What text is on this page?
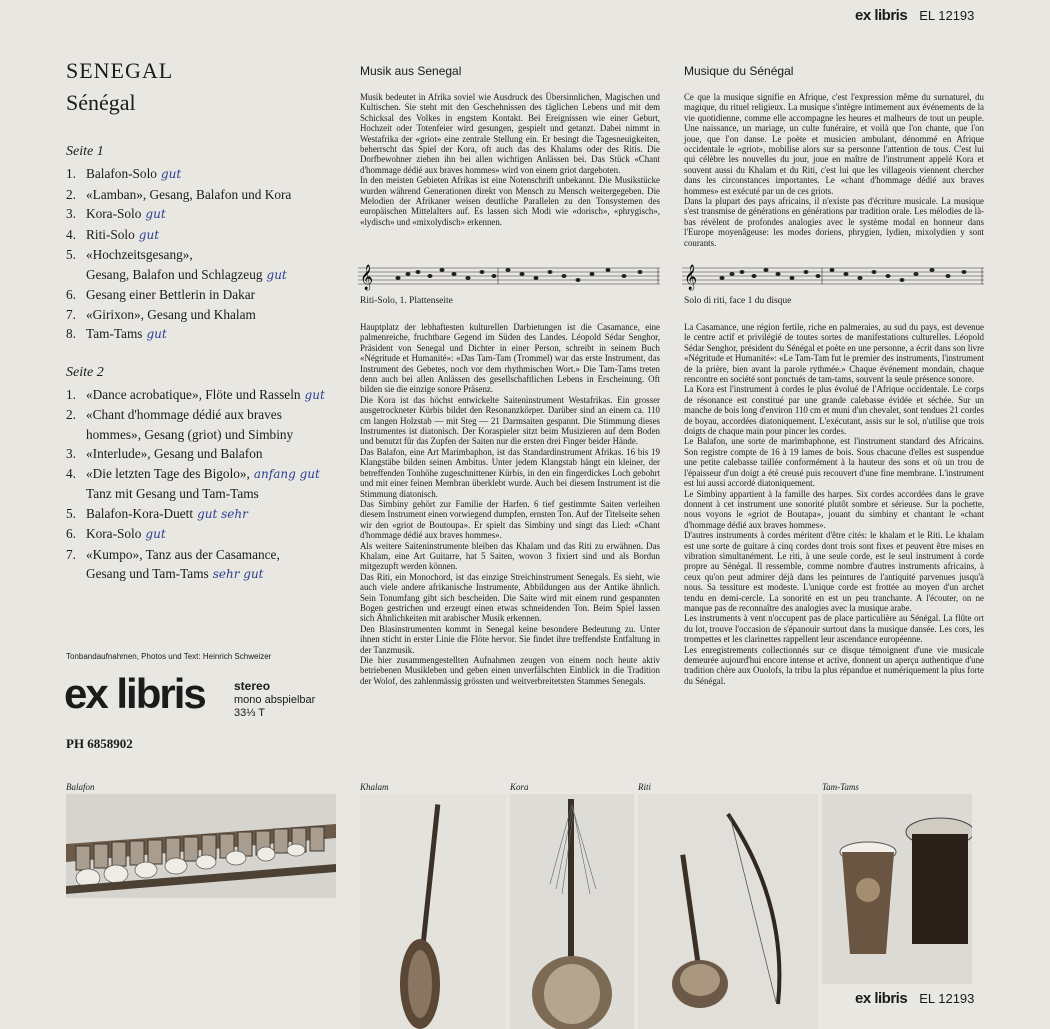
ex libris EL 12193
SENEGAL
Sénégal
Seite 1
1. Balafon-Solo gut
2. «Lamban», Gesang, Balafon und Kora
3. Kora-Solo gut
4. Riti-Solo gut
5. «Hochzeitsgesang»,
Gesang, Balafon und Schlagzeug gut
6. Gesang einer Bettlerin in Dakar
7. «Girixon», Gesang und Khalam
8. Tam-Tams gut
Seite 2
1. «Dance acrobatique», Flöte und Rasseln gut
2. «Chant d'hommage dédié aux braves
hommes», Gesang (griot) und Simbiny
3. «Interlude», Gesang und Balafon
4. «Die letzten Tage des Bigolo», anfang gut
Tanz mit Gesang und Tam-Tams
5. Balafon-Kora-Duett gut sehr
6. Kora-Solo gut
7. «Kumpo», Tanz aus der Casamance,
Gesang und Tam-Tams sehr gut
Tonbandaufnahmen, Photos und Text: Heinrich Schweizer
ex libris stereo
mono abspielbar
33⅓ T
PH 6858902
Musik aus Senegal

Musik bedeutet in Afrika soviel wie Ausdruck des Übersinnlichen, Magischen und Kultischen. Sie steht mit den Geschehnissen des täglichen Lebens und mit dem Schicksal des Volkes in engstem Kontakt. Bei Ereignissen wie einer Geburt, Hochzeit oder Totenfeier wird gesungen, gespielt und getanzt. Dabei nimmt in Westafrika der «griot» eine zentrale Stellung ein. Er besingt die Tagesneuigkeiten, beherrscht das Spiel der Kora, oft auch das des Khalams oder des Ritis. Die Dorfbewohner ziehen ihn bei allen wichtigen Anlässen bei. Das Stück «Chant d'hommage dédié aux braves hommes» wird von einem griot dargeboten.

In den meisten Gebieten Afrikas ist eine Notenschrift unbekannt. Die Musikstücke wurden während Generationen direkt von Mensch zu Mensch weitergegeben. Die Melodien der Afrikaner weisen deutliche Parallelen zu den Tonsystemen des europäischen Mittelalters auf. Es lassen sich Modi wie «dorisch», «phrygisch», «lydisch» und «mixolydisch» erkennen.

𝄞
Riti-Solo, 1. Plattenseite

Hauptplatz der lebhaftesten kulturellen Darbietungen ist die Casamance, eine palmenreiche, fruchtbare Gegend im Süden des Landes. Léopold Sédar Senghor, Präsident von Senegal und Dichter in einer Person, schreibt in seinem Buch «Négritude et Humanité»: «Das Tam-Tam (Trommel) war das erste Instrument, das Instrument des Gebetes, noch vor dem rhythmischen Wort.» Die Tam-Tams treten denn auch bei allen Anlässen des gesellschaftlichen Lebens in Erscheinung. Oft bilden sie die einzige sonore Präsenz.

Die Kora ist das höchst entwickelte Saiteninstrument Westafrikas. Ein grosser ausgetrockneter Kürbis bildet den Resonanzkörper. Darüber sind an einem ca. 110 cm langen Holzstab — mit Steg — 21 Darmsaiten gespannt. Die Stimmung dieses Instrumentes ist diatonisch. Der Koraspieler sitzt beim Musizieren auf dem Boden und benutzt für das Zupfen der Saiten nur die ersten drei Finger beider Hände.

Das Balafon, eine Art Marimbaphon, ist das Standardinstrument Afrikas. 16 bis 19 Klangstäbe bilden seinen Ambitus. Unter jedem Klangstab hängt ein kleiner, der betreffenden Tonhöhe zugeschnittener Kürbis, in den ein fingerdickes Loch gebohrt und mit einer feinen Membran überklebt wurde. Auch bei diesem Instrument ist die Stimmung diatonisch.

Das Simbiny gehört zur Familie der Harfen. 6 tief gestimmte Saiten verleihen diesem Instrument einen vorwiegend dumpfen, ernsten Ton. Auf der Titelseite sehen wir den «griot de Boutoupa». Er spielt das Simbiny und singt das Lied: «Chant d'hommage dédié aux braves hommes».

Als weitere Saiteninstrumente bleiben das Khalam und das Riti zu erwähnen. Das Khalam, eine Art Guitarre, hat 5 Saiten, wovon 3 fixiert sind und als Bordun mitgezupft werden können.

Das Riti, ein Monochord, ist das einzige Streichinstrument Senegals. Es sieht, wie auch viele andere afrikanische Instrumente, Abbildungen aus der Antike ähnlich. Sein Tonumfang gibt sich bescheiden. Die Saite wird mit einem rund gespannten Bogen gestrichen und erzeugt einen etwas schneidenden Ton. Beim Spiel lassen sich Ähnlichkeiten mit arabischer Musik erkennen.

Den Blasinstrumenten kommt in Senegal keine besondere Bedeutung zu. Unter ihnen sticht in erster Linie die Flöte hervor. Sie findet ihre treffendste Entfaltung in der Tanzmusik.

Die hier zusammengestellten Aufnahmen zeugen von einem noch heute aktiv betriebenen Musikleben und geben einen unverfälschten Einblick in die Tradition der Wolof, des zahlenmässig grössten und weitverbreitetsten Stammes Senegals.

Musique du Sénégal

Ce que la musique signifie en Afrique, c'est l'expression même du surnaturel, du magique, du rituel religieux. La musique s'intègre intimement aux événements de la vie quotidienne, comme elle accompagne les heures et malheurs de tout un peuple. Une naissance, un mariage, un culte funéraire, et voilà que l'on chante, que l'on joue, que l'on danse. Le poète et musicien ambulant, dénommé en Afrique occidentale le «griot», mobilise alors sur sa personne l'attention de tous. C'est lui qui célèbre les nouvelles du jour, joue en maître de l'instrument appelé Kora et souvent aussi du Khalam et du Riti, c'est lui que les villageois viennent chercher dans les circonstances importantes. Le «chant d'hommage dédié aux braves hommes» est exécuté par un de ces griots.

Dans la plupart des pays africains, il n'existe pas d'écriture musicale. La musique s'est transmise de générations en générations par tradition orale. Les mélodies de là-bas révèlent de profondes analogies avec le système modal en honneur dans l'Europe moyenâgeuse: les modes doriens, phrygien, lydien, mixolydien y sont courants.

𝄞
Solo di riti, face 1 du disque

La Casamance, une région fertile, riche en palmeraies, au sud du pays, est devenue le centre actif et privilégié de toutes sortes de manifestations culturelles. Léopold Sédar Senghor, président du Sénégal et poète en une personne, a écrit dans son livre «Négritude et Humanité»: «Le Tam-Tam fut le premier des instruments, l'instrument de la prière, bien avant la parole rythmée.» Chaque événement mondain, chaque rencontre en société sont ponctués de tam-tams, souvent la seule présence sonore.

La Kora est l'instrument à cordes le plus évolué de l'Afrique occidentale. Le corps de résonance est constitué par une grande calebasse évidée et séchée. Sur un manche de bois long d'environ 110 cm et muni d'un chevalet, sont tendues 21 cordes de boyau, accordées diatoniquement. L'exécutant, assis sur le sol, n'utilise que trois doigts de chaque main pour pincer les cordes.

Le Balafon, une sorte de marimbaphone, est l'instrument standard des Africains. Son registre compte de 16 à 19 lames de bois. Sous chacune d'elles est suspendue une petite calebasse taillée conformément à la hauteur des sons et où un trou de l'épaisseur d'un doigt a été creusé puis recouvert d'une fine membrane. L'instrument est lui aussi accordé diatoniquement.

Le Simbiny appartient à la famille des harpes. Six cordes accordées dans le grave donnent à cet instrument une sonorité plutôt sombre et sérieuse. Sur la pochette, nous voyons le «griot de Boutapa», jouant du simbiny et chantant le «chant d'hommage dédié aux braves hommes».

D'autres instruments à cordes méritent d'être cités: le khalam et le Riti. Le khalam est une sorte de guitare à cinq cordes dont trois sont fixes et peuvent être mises en vibration simultanément. Le riti, à une seule corde, est le seul instrument à corde propre au Sénégal. Il ressemble, comme nombre d'autres instruments africains, à ceux qu'on peut admirer déjà dans les peintures de l'antiquité parvenues jusqu'à nous. Sa tessiture est modeste. L'unique corde est frottée au moyen d'un archet tendu en demi-cercle. La sonorité en est un peu tranchante. A l'écouter, on ne manque pas de reconnaître des analogies avec la musique arabe.

Les instruments à vent n'occupent pas de place particulière au Sénégal. La flûte ort du lot, trouve l'occasion de s'épanouir surtout dans la musique dansée. Les cors, les trompettes et les clarinettes rappellent leur ascendance européenne.

Les enregistrements collectionnés sur ce disque témoignent d'une vie musicale demeurée aujourd'hui encore intense et active, donnent un aperçu authentique d'une tradition chère aux Ouolofs, la tribu la plus répandue et numériquement la plus forte du Sénégal.

Balafon	Khalam	Kora	Riti	Tam-Tams
ex libris EL 12193
